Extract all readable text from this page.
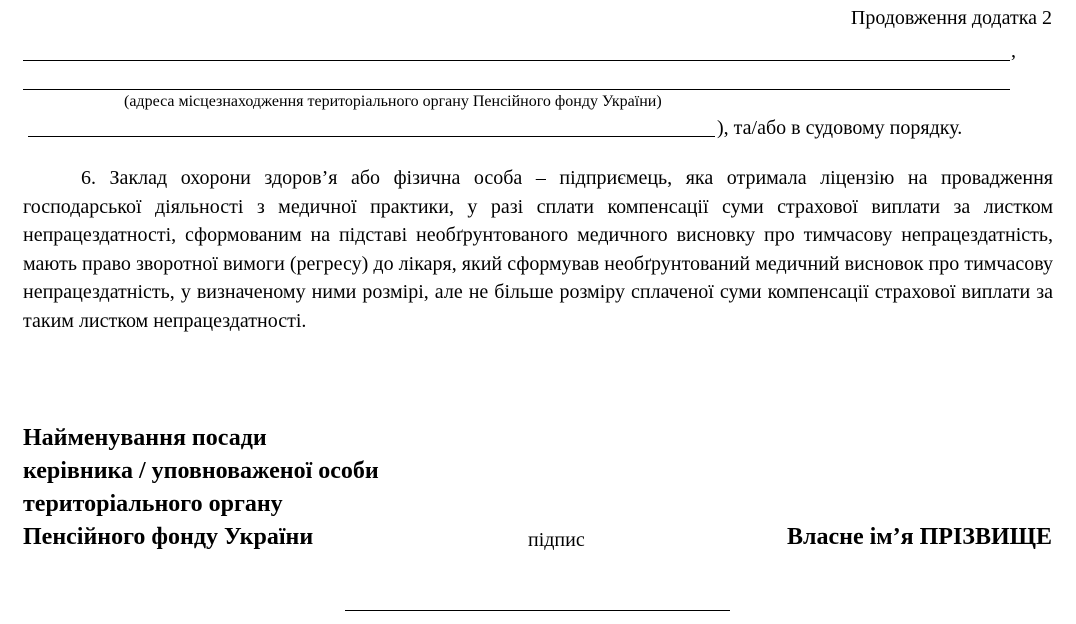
Продовження додатка 2
,
(адреса місцезнаходження територіального органу Пенсійного фонду України)
), та/або в судовому порядку.

6. Заклад охорони здоров’я або фізична особа – підприємець, яка отримала ліцензію на провадження господарської діяльності з медичної практики, у разі сплати компенсації суми страхової виплати за листком непрацездатності, сформованим на підставі необґрунтованого медичного висновку про тимчасову непрацездатність, мають право зворотної вимоги (регресу) до лікаря, який сформував необґрунтований медичний висновок про тимчасову непрацездатність, у визначеному ними розмірі, але не більше розміру сплаченої суми компенсації страхової виплати за таким листком непрацездатності.

Найменування посади
керівника / уповноваженої особи
територіального органу
Пенсійного фонду України	підпис	Власне ім’я ПРІЗВИЩЕ
